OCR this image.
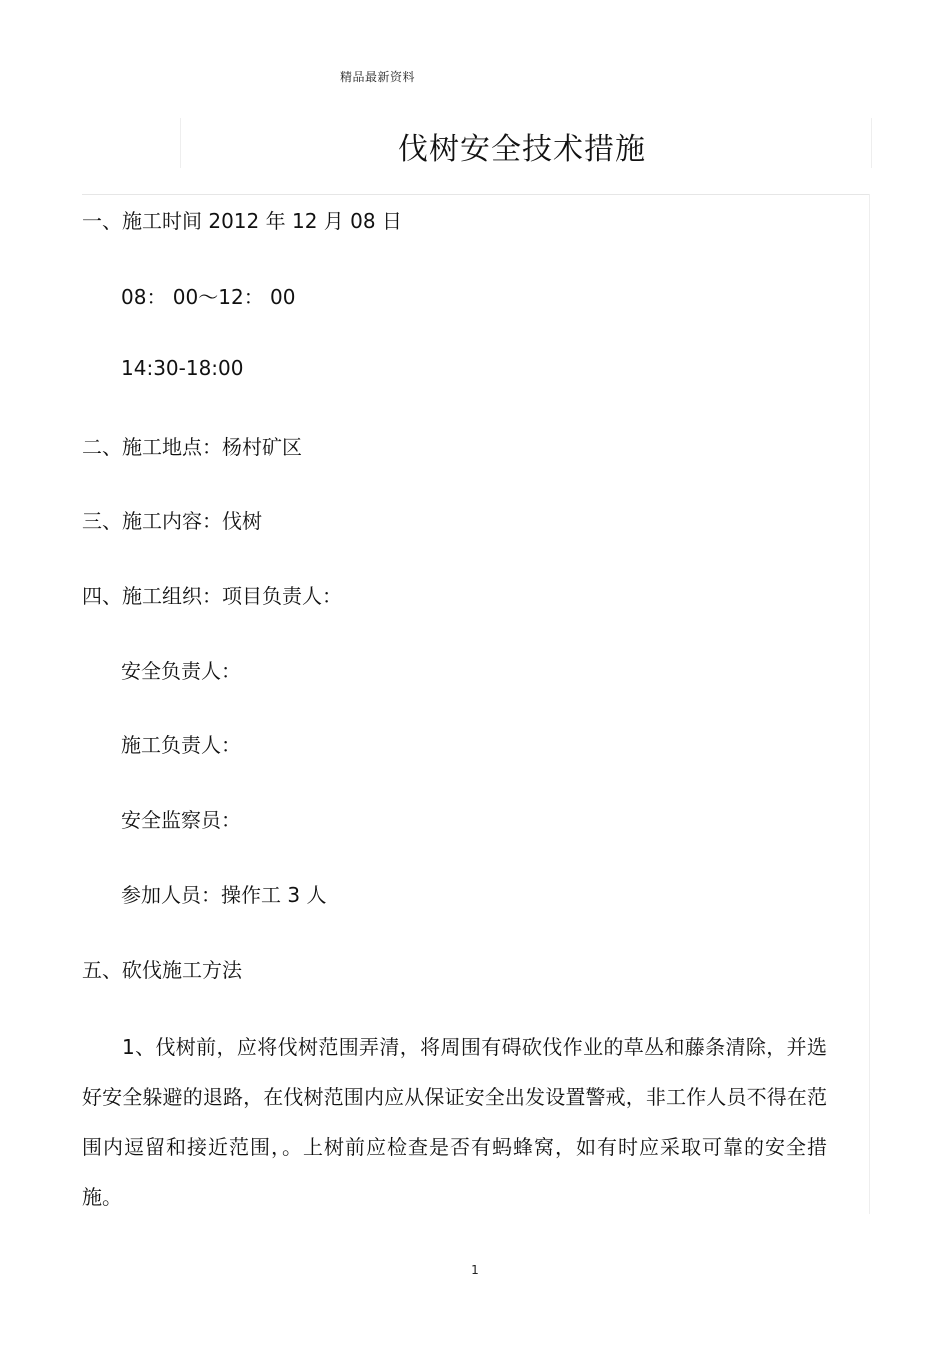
精品最新资料
伐树安全技术措施
一、施工时间 2012 年 12 月 08 日
08： 00～12： 00
14:30-18:00
二、施工地点：杨村矿区
三、施工内容：伐树
四、施工组织：项目负责人：
安全负责人：
施工负责人：
安全监察员：
参加人员：操作工 3 人
五、砍伐施工方法
1、伐树前，应将伐树范围弄清，将周围有碍砍伐作业的草丛和藤条清除，并选好安全躲避的退路，在伐树范围内应从保证安全出发设置警戒，非工作人员不得在范围内逗留和接近范围，。上树前应检查是否有蚂蜂窝，如有时应采取可靠的安全措施。
1
